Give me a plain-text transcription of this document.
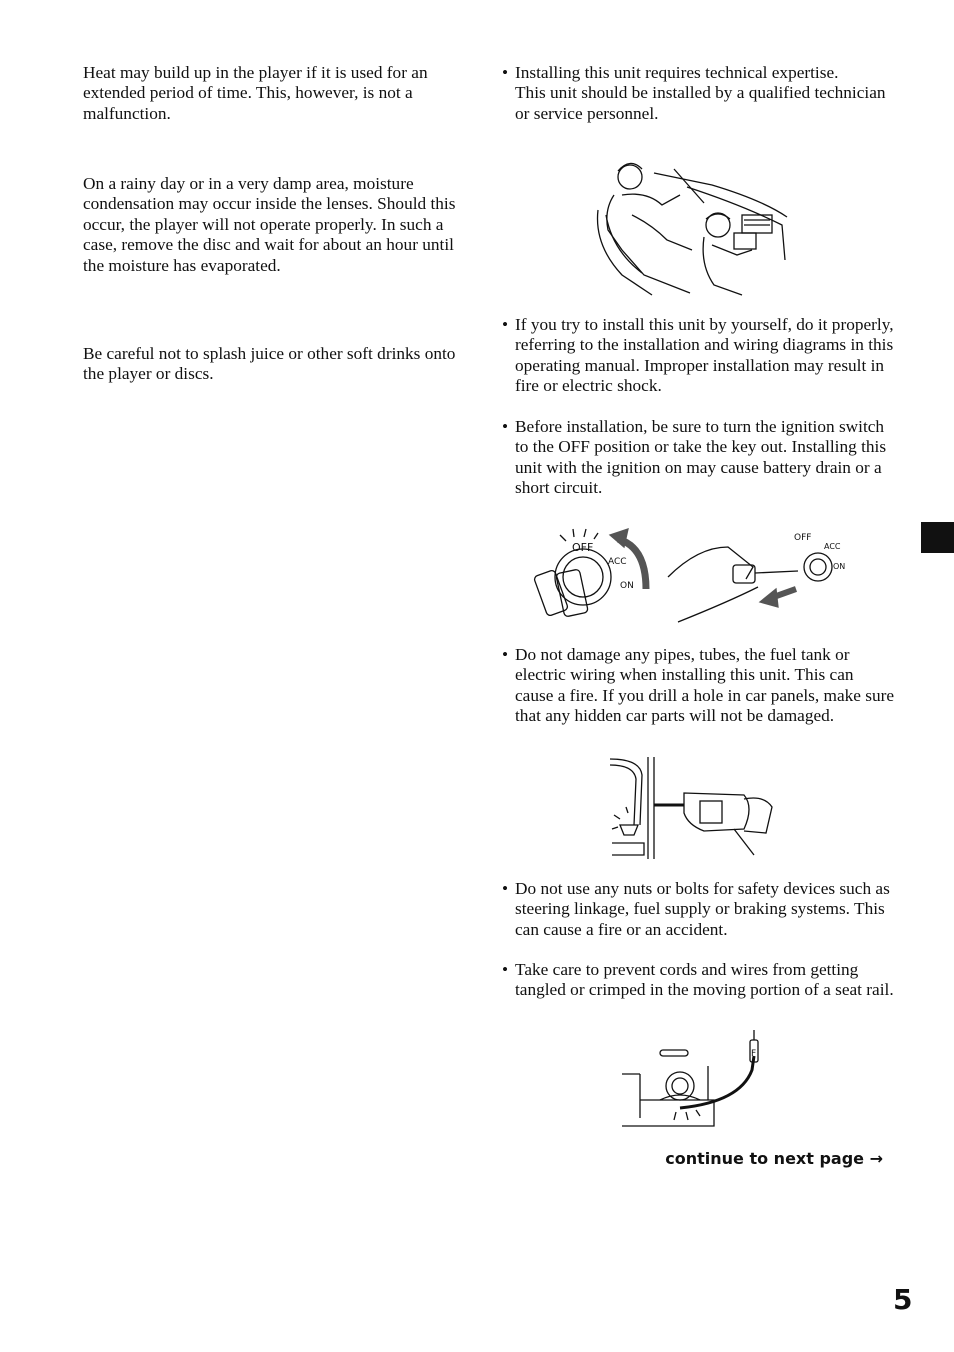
Heat may build up in the player if it is used for an extended period of time. This, however, is not a malfunction.

On a rainy day or in a very damp area, moisture condensation may occur inside the lenses. Should this occur, the player will not operate properly. In such a case, remove the disc and wait for about an hour until the moisture has evaporated.

Be careful not to splash juice or other soft drinks onto the player or discs.

• Installing this unit requires technical expertise.
This unit should be installed by a qualified technician or service personnel.
• If you try to install this unit by yourself, do it properly, referring to the installation and wiring diagrams in this operating manual. Improper installation may result in fire or electric shock.
• Before installation, be sure to turn the ignition switch to the OFF position or take the key out. Installing this unit with the ignition on may cause battery drain or a short circuit.
OFF
ACC
ON
OFF
ACC
ON
• Do not damage any pipes, tubes, the fuel tank or electric wiring when installing this unit. This can cause a fire. If you drill a hole in car panels, make sure that any hidden car parts will not be damaged.
• Do not use any nuts or bolts for safety devices such as steering linkage, fuel supply or braking systems. This can cause a fire or an accident.
• Take care to prevent cords and wires from getting tangled or crimped in the moving portion of a seat rail.
F
continue to next page →
5
